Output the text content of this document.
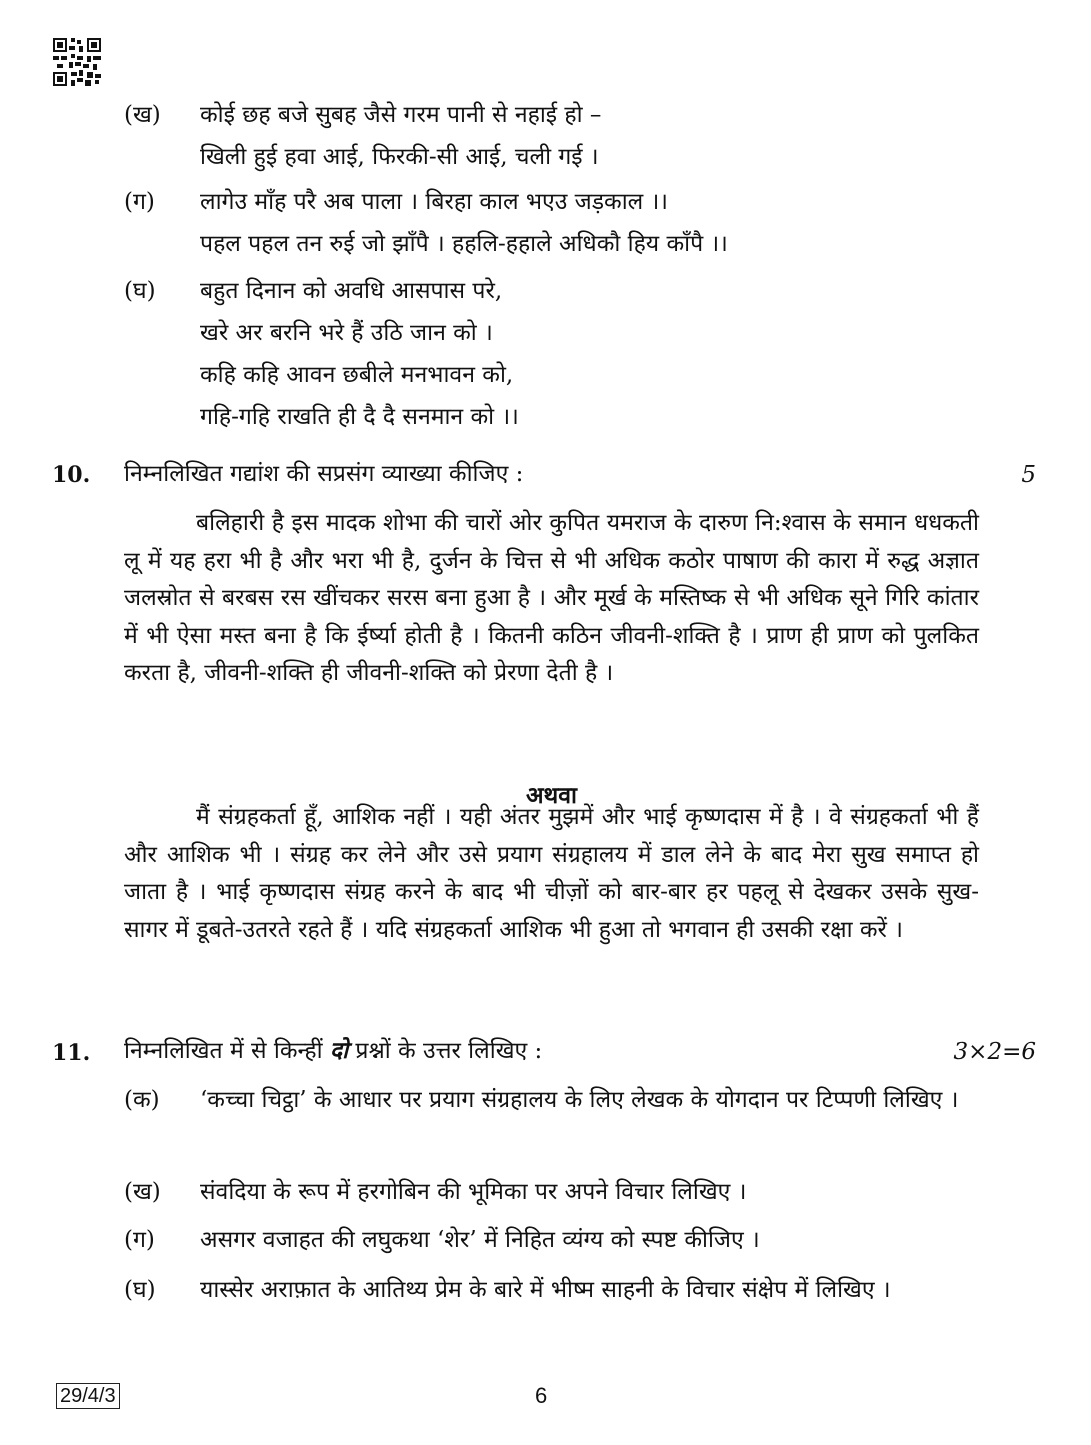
(ख)	कोई छह बजे सुबह जैसे गरम पानी से नहाई हो –
खिली हुई हवा आई, फिरकी-सी आई, चली गई ।
(ग)	लागेउ माँह परै अब पाला । बिरहा काल भएउ जड़काल ।।
पहल पहल तन रुई जो झाँपै । हहलि-हहाले अधिकौ हिय काँपै ।।
(घ)	बहुत दिनान को अवधि आसपास परे,
खरे अर बरनि भरे हैं उठि जान को ।
कहि कहि आवन छबीले मनभावन को,
गहि-गहि राखति ही दै दै सनमान को ।।
10. निम्नलिखित गद्यांश की सप्रसंग व्याख्या कीजिए :	5
बलिहारी है इस मादक शोभा की चारों ओर कुपित यमराज के दारुण नि:श्वास के समान धधकती लू में यह हरा भी है और भरा भी है, दुर्जन के चित्त से भी अधिक कठोर पाषाण की कारा में रुद्ध अज्ञात जलस्रोत से बरबस रस खींचकर सरस बना हुआ है । और मूर्ख के मस्तिष्क से भी अधिक सूने गिरि कांतार में भी ऐसा मस्त बना है कि ईर्ष्या होती है । कितनी कठिन जीवनी-शक्ति है । प्राण ही प्राण को पुलकित करता है, जीवनी-शक्ति ही जीवनी-शक्ति को प्रेरणा देती है ।
अथवा
मैं संग्रहकर्ता हूँ, आशिक नहीं । यही अंतर मुझमें और भाई कृष्णदास में है । वे संग्रहकर्ता भी हैं और आशिक भी । संग्रह कर लेने और उसे प्रयाग संग्रहालय में डाल लेने के बाद मेरा सुख समाप्त हो जाता है । भाई कृष्णदास संग्रह करने के बाद भी चीज़ों को बार-बार हर पहलू से देखकर उसके सुख-सागर में डूबते-उतरते रहते हैं । यदि संग्रहकर्ता आशिक भी हुआ तो भगवान ही उसकी रक्षा करें ।
11. निम्नलिखित में से किन्हीं दो प्रश्नों के उत्तर लिखिए :	3×2=6
(क)	‘कच्चा चिट्ठा’ के आधार पर प्रयाग संग्रहालय के लिए लेखक के योगदान पर टिप्पणी लिखिए ।
(ख)	संवदिया के रूप में हरगोबिन की भूमिका पर अपने विचार लिखिए ।
(ग)	असगर वजाहत की लघुकथा ‘शेर’ में निहित व्यंग्य को स्पष्ट कीजिए ।
(घ)	यास्सेर अराफ़ात के आतिथ्य प्रेम के बारे में भीष्म साहनी के विचार संक्षेप में लिखिए ।
29/4/3	6
